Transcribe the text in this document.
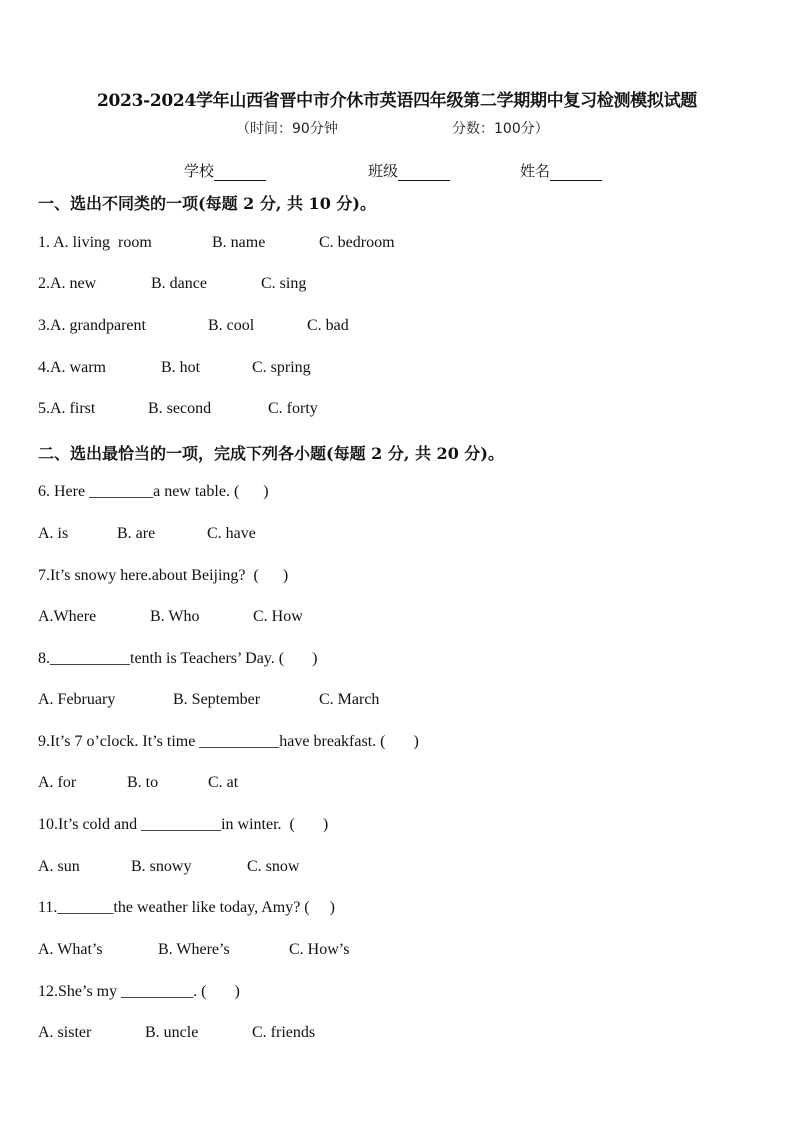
2023-2024学年山西省晋中市介休市英语四年级第二学期期中复习检测模拟试题
（时间：90分钟	分数：100分）
学校	班级	姓名
一、选出不同类的一项(每题 2 分, 共 10 分)。
1. A. living  room	B. name	C. bedroom
2.A. new	B. dance	C. sing
3.A. grandparent	B. cool	C. bad
4.A. warm	B. hot	C. spring
5.A. first	B. second	C. forty
二、选出最恰当的一项，完成下列各小题(每题 2 分, 共 20 分)。
6. Here ________a new table. (      )
A. is	B. are	C. have
7.It’s snowy here.about Beijing?  (      )
A.Where	B. Who	C. How
8.__________tenth is Teachers’ Day. (       )
A. February	B. September	C. March
9.It’s 7 o’clock. It’s time __________have breakfast. (       )
A. for	B. to	C. at
10.It’s cold and __________in winter.  (       )
A. sun	B. snowy	C. snow
11._______the weather like today, Amy? (     )
A. What’s	B. Where’s	C. How’s
12.She’s my _________. (       )
A. sister	B. uncle	C. friends
